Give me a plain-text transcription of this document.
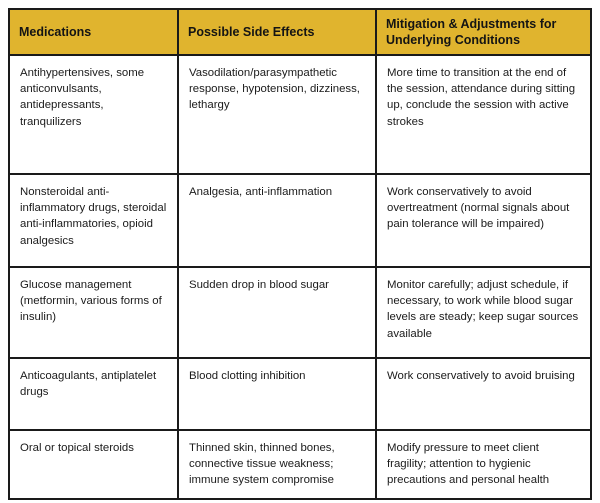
Medications	Possible Side Effects	Mitigation & Adjustments for Underlying Conditions
Antihypertensives, some anticonvulsants, antidepressants, tranquilizers	Vasodilation/parasympathetic response, hypotension, dizziness, lethargy	More time to transition at the end of the session, attendance during sitting up, conclude the session with active strokes
Nonsteroidal anti-inflammatory drugs, steroidal anti-inflammatories, opioid analgesics	Analgesia, anti-inflammation	Work conservatively to avoid overtreatment (normal signals about pain tolerance will be impaired)
Glucose management (metformin, various forms of insulin)	Sudden drop in blood sugar	Monitor carefully; adjust schedule, if necessary, to work while blood sugar levels are steady; keep sugar sources available
Anticoagulants, antiplatelet drugs	Blood clotting inhibition	Work conservatively to avoid bruising
Oral or topical steroids	Thinned skin, thinned bones, connective tissue weakness; immune system compromise	Modify pressure to meet client fragility; attention to hygienic precautions and personal health
